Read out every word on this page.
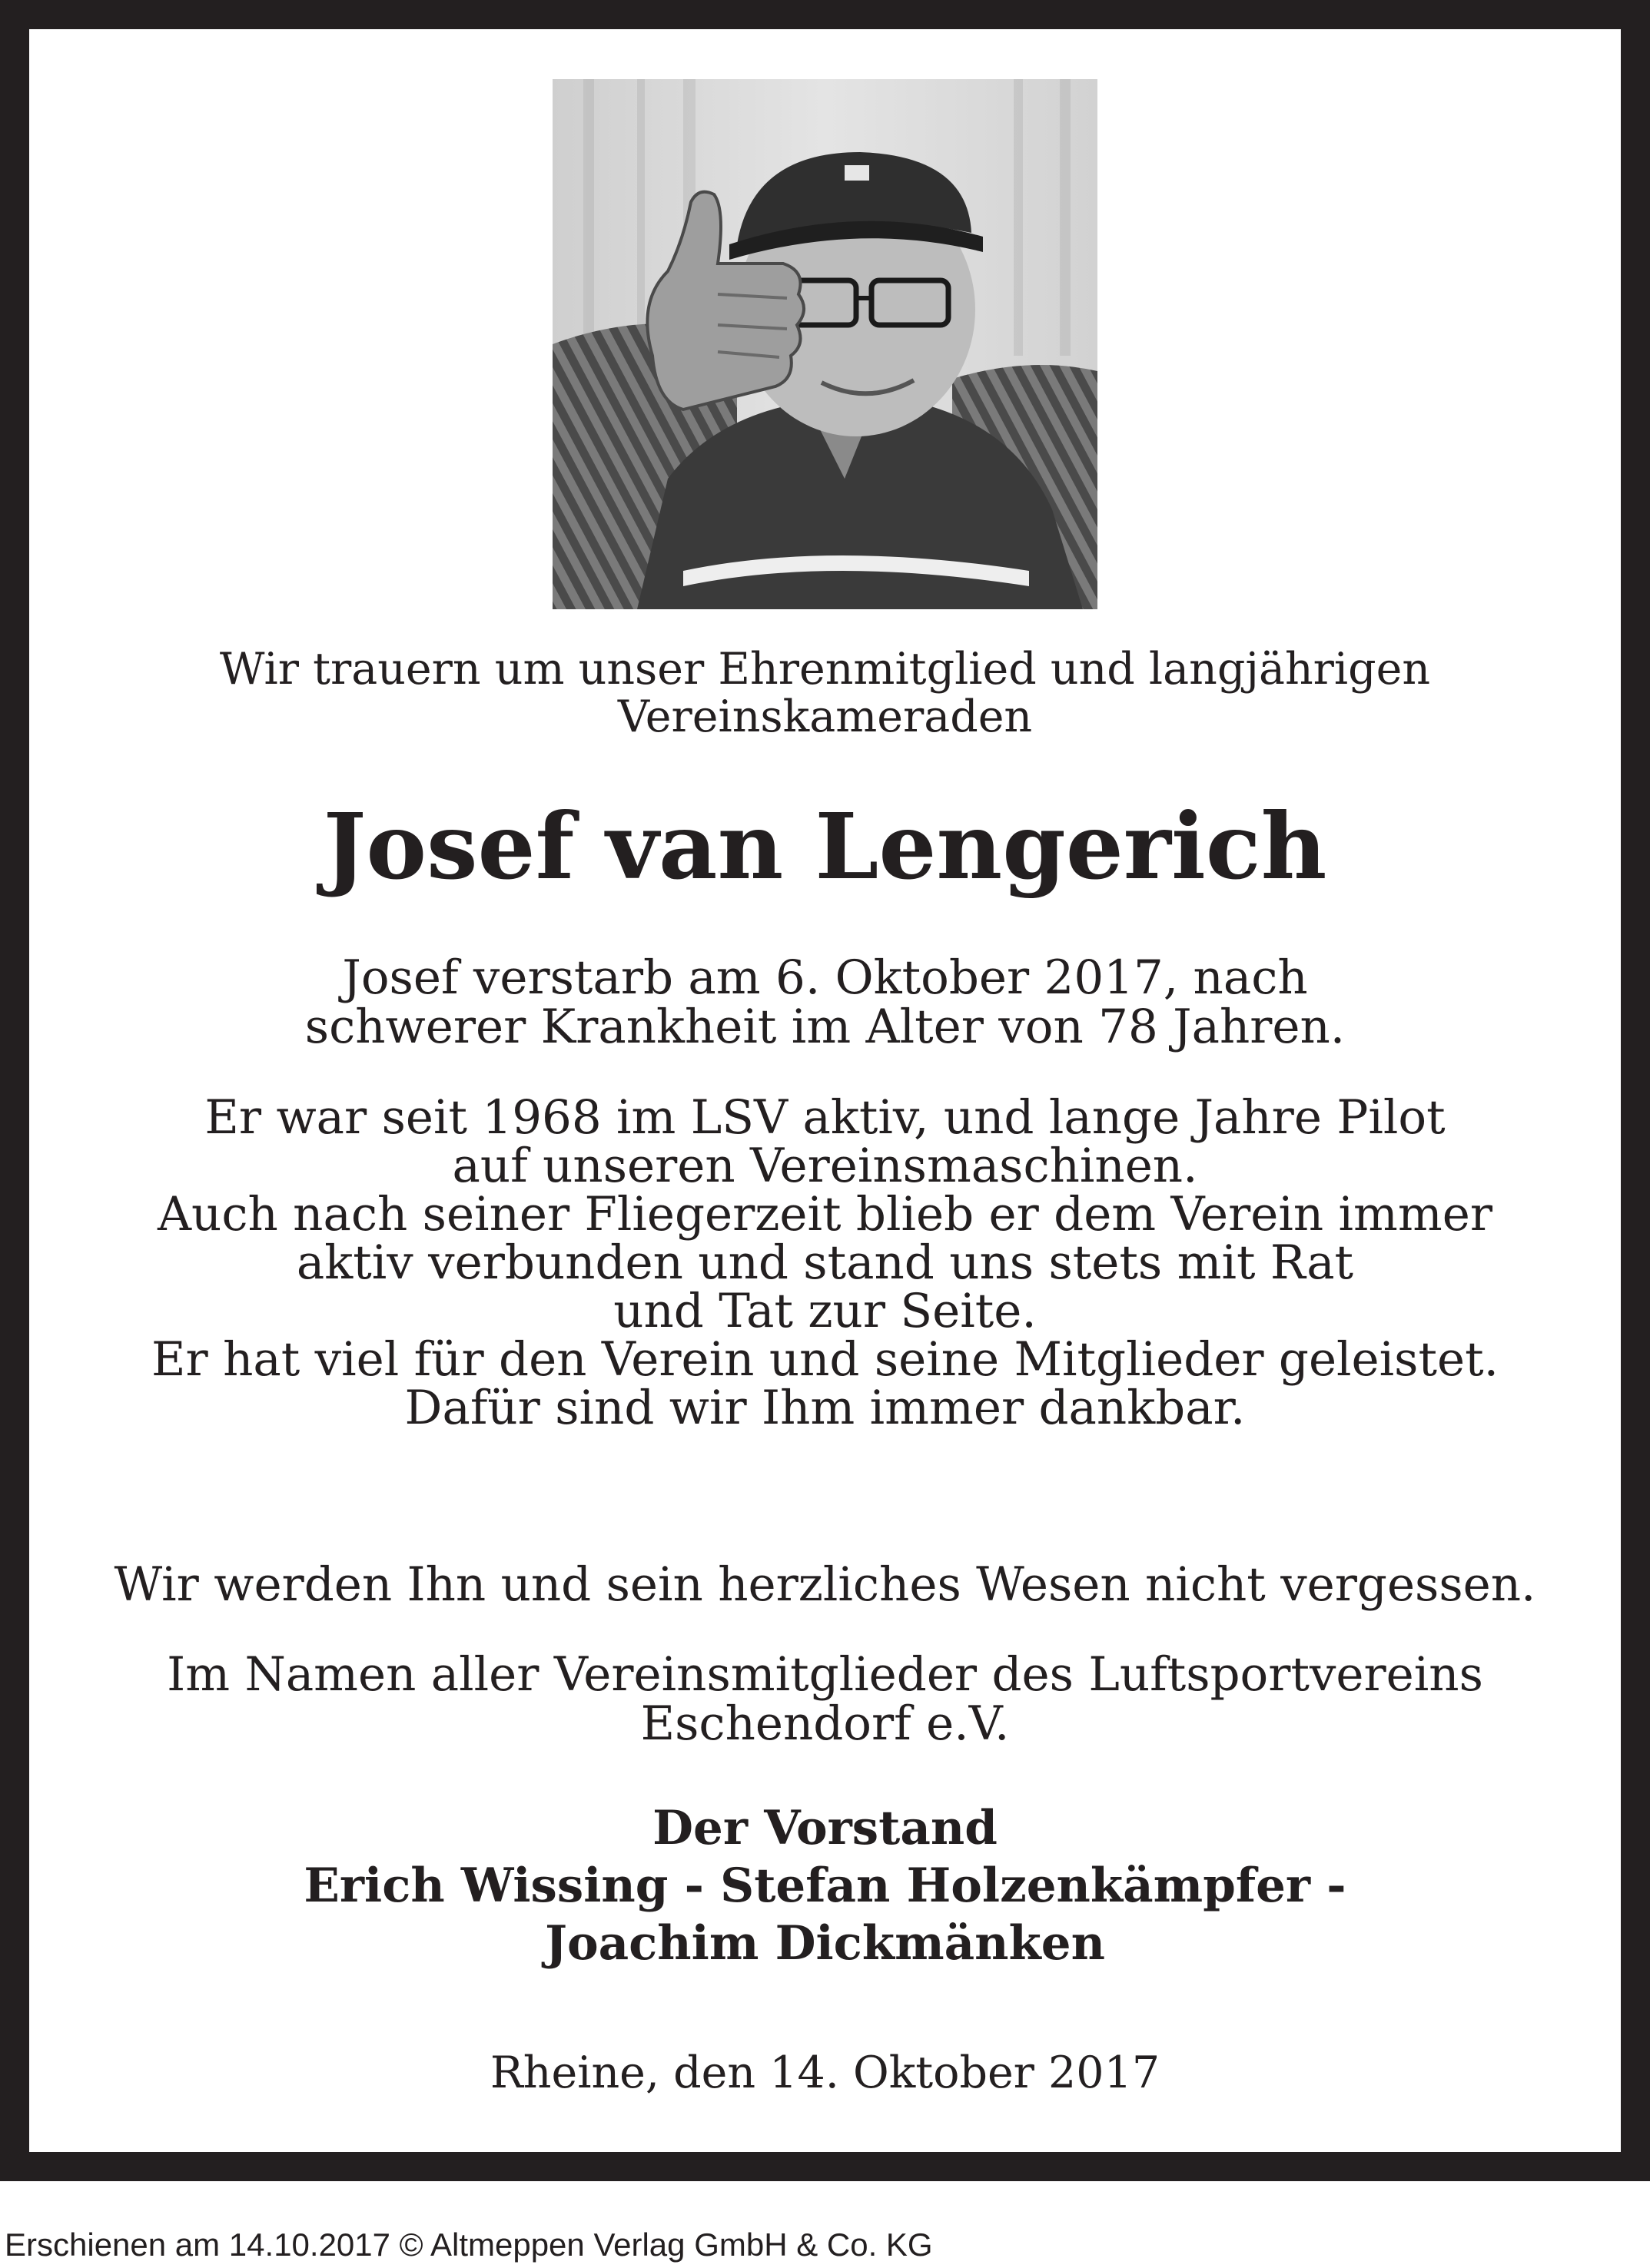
Wir trauern um unser Ehrenmitglied und langjährigen
Vereinskameraden
Josef van Lengerich
Josef verstarb am 6. Oktober 2017, nach
schwerer Krankheit im Alter von 78 Jahren.
Er war seit 1968 im LSV aktiv, und lange Jahre Pilot
auf unseren Vereinsmaschinen.
Auch nach seiner Fliegerzeit blieb er dem Verein immer
aktiv verbunden und stand uns stets mit Rat
und Tat zur Seite.
Er hat viel für den Verein und seine Mitglieder geleistet.
Dafür sind wir Ihm immer dankbar.
Wir werden Ihn und sein herzliches Wesen nicht vergessen.
Im Namen aller Vereinsmitglieder des Luftsportvereins
Eschendorf e.V.
Der Vorstand
Erich Wissing - Stefan Holzenkämpfer -
Joachim Dickmänken
Rheine, den 14. Oktober 2017
Erschienen am 14.10.2017 © Altmeppen Verlag GmbH & Co. KG
